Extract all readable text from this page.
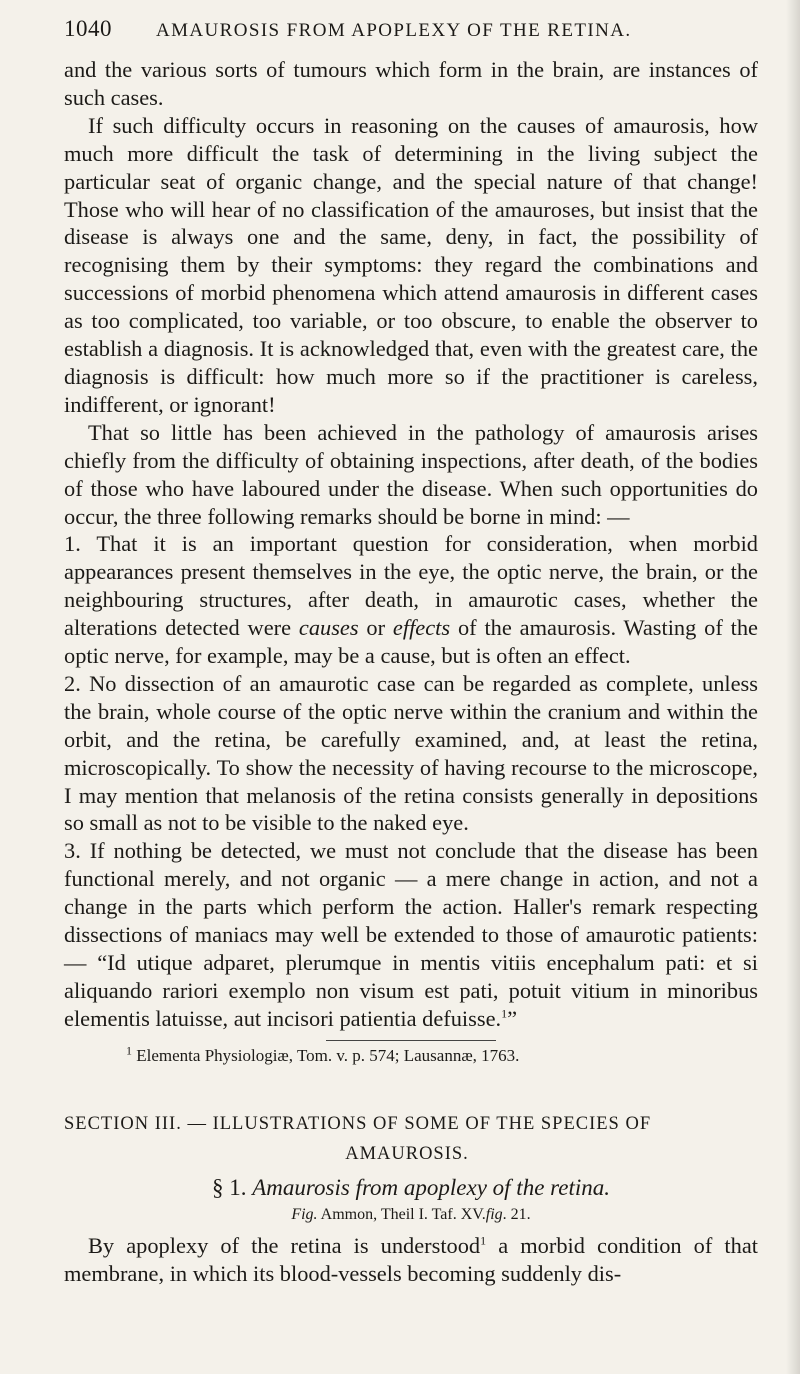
1040 AMAUROSIS FROM APOPLEXY OF THE RETINA.

and the various sorts of tumours which form in the brain, are instances of such cases.

If such difficulty occurs in reasoning on the causes of amaurosis, how much more difficult the task of determining in the living subject the particular seat of organic change, and the special nature of that change! Those who will hear of no classification of the amauroses, but insist that the disease is always one and the same, deny, in fact, the possibility of recognising them by their symptoms: they regard the combinations and successions of morbid phenomena which attend amaurosis in different cases as too complicated, too variable, or too obscure, to enable the observer to establish a diagnosis. It is acknowledged that, even with the greatest care, the diagnosis is difficult: how much more so if the practitioner is careless, indifferent, or ignorant!

That so little has been achieved in the pathology of amaurosis arises chiefly from the difficulty of obtaining inspections, after death, of the bodies of those who have laboured under the disease. When such opportunities do occur, the three following remarks should be borne in mind: —

1. That it is an important question for consideration, when morbid appearances present themselves in the eye, the optic nerve, the brain, or the neighbouring structures, after death, in amaurotic cases, whether the alterations detected were causes or effects of the amaurosis. Wasting of the optic nerve, for example, may be a cause, but is often an effect.

2. No dissection of an amaurotic case can be regarded as complete, unless the brain, whole course of the optic nerve within the cranium and within the orbit, and the retina, be carefully examined, and, at least the retina, microscopically. To show the necessity of having recourse to the microscope, I may mention that melanosis of the retina consists generally in depositions so small as not to be visible to the naked eye.

3. If nothing be detected, we must not conclude that the disease has been functional merely, and not organic — a mere change in action, and not a change in the parts which perform the action. Haller's remark respecting dissections of maniacs may well be extended to those of amaurotic patients: — “Id utique adparet, plerumque in mentis vitiis encephalum pati: et si aliquando rariori exemplo non visum est pati, potuit vitium in minoribus elementis latuisse, aut incisori patientia defuisse.$^1$”

$^1$ Elementa Physiologiæ, Tom. v. p. 574; Lausannæ, 1763.
SECTION III. — ILLUSTRATIONS OF SOME OF THE SPECIES OF
AMAUROSIS.
§ 1. Amaurosis from apoplexy of the retina.
Fig. Ammon, Theil I. Taf. XV.fig. 21.

By apoplexy of the retina is understood$^1$ a morbid condition of that membrane, in which its blood-vessels becoming suddenly dis-
